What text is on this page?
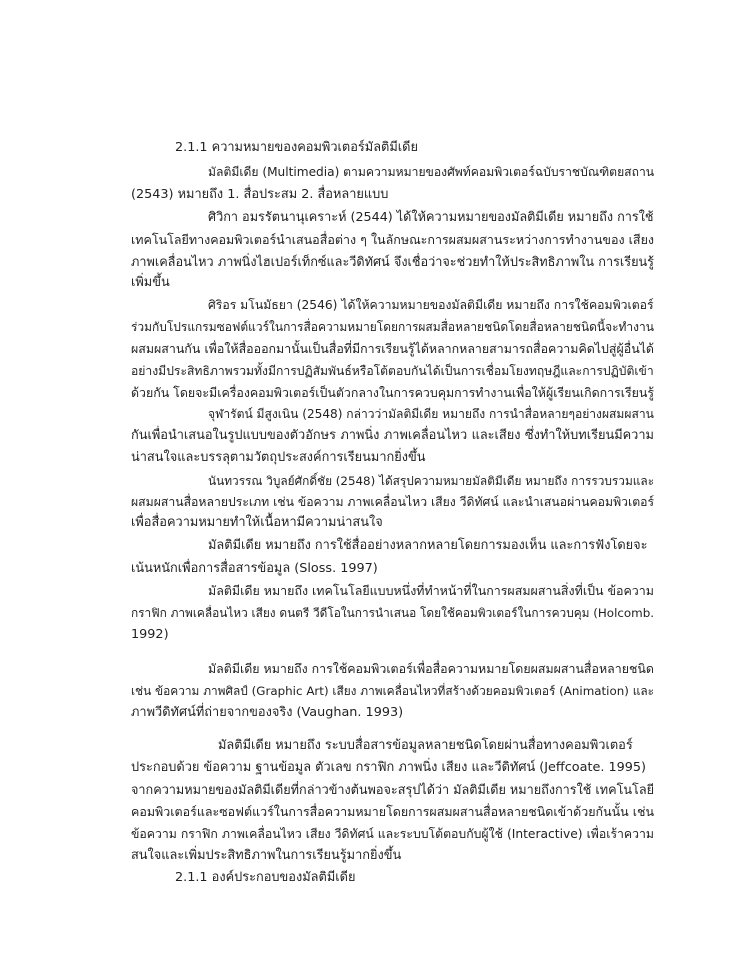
2.1.1 ความหมายของคอมพิวเตอร์มัลติมีเดีย
มัลติมีเดีย (Multimedia) ตามความหมายของศัพท์คอมพิวเตอร์ฉบับราชบัณฑิตยสถาน
(2543) หมายถึง 1. สื่อประสม 2. สื่อหลายแบบ
ศิวิกา อมรรัตนานุเคราะห์ (2544) ได้ให้ความหมายของมัลติมีเดีย หมายถึง การใช้
เทคโนโลยีทางคอมพิวเตอร์นำเสนอสื่อต่าง ๆ ในลักษณะการผสมผสานระหว่างการทำงานของ เสียง
ภาพเคลื่อนไหว ภาพนิ่งไฮเปอร์เท็กซ์และวีดิทัศน์ จึงเชื่อว่าจะช่วยทำให้ประสิทธิภาพใน การเรียนรู้
เพิ่มขึ้น
ศิริอร มโนมัธยา (2546) ได้ให้ความหมายของมัลติมีเดีย หมายถึง การใช้คอมพิวเตอร์
ร่วมกับโปรแกรมซอฟต์แวร์ในการสื่อความหมายโดยการผสมสื่อหลายชนิดโดยสื่อหลายชนิดนี้จะทำงาน
ผสมผสานกัน เพื่อให้สื่อออกมานั้นเป็นสื่อที่มีการเรียนรู้ได้หลากหลายสามารถสื่อความคิดไปสู่ผู้อื่นได้
อย่างมีประสิทธิภาพรวมทั้งมีการปฏิสัมพันธ์หรือโต้ตอบกันได้เป็นการเชื่อมโยงทฤษฎีและการปฏิบัติเข้า
ด้วยกัน โดยจะมีเครื่องคอมพิวเตอร์เป็นตัวกลางในการควบคุมการทำงานเพื่อให้ผู้เรียนเกิดการเรียนรู้
จุฬารัตน์ มีสูงเนิน (2548) กล่าวว่ามัลติมีเดีย หมายถึง การนำสื่อหลายๆอย่างผสมผสาน
กันเพื่อนำเสนอในรูปแบบของตัวอักษร ภาพนิ่ง ภาพเคลื่อนไหว และเสียง ซึ่งทำให้บทเรียนมีความ
น่าสนใจและบรรลุตามวัตถุประสงค์การเรียนมากยิ่งขึ้น
นันทวรรณ วิบูลย์ศักดิ์ชัย (2548) ได้สรุปความหมายมัลติมีเดีย หมายถึง การรวบรวมและ
ผสมผสานสื่อหลายประเภท เช่น ข้อความ ภาพเคลื่อนไหว เสียง วีดิทัศน์ และนำเสนอผ่านคอมพิวเตอร์
เพื่อสื่อความหมายทำให้เนื้อหามีความน่าสนใจ
มัลติมีเดีย หมายถึง การใช้สื่ออย่างหลากหลายโดยการมองเห็น และการฟังโดยจะ
เน้นหนักเพื่อการสื่อสารข้อมูล (Sloss. 1997)
มัลติมีเดีย หมายถึง เทคโนโลยีแบบหนึ่งที่ทำหน้าที่ในการผสมผสานสิ่งที่เป็น ข้อความ
กราฟิก ภาพเคลื่อนไหว เสียง ดนตรี วีดีโอในการนำเสนอ โดยใช้คอมพิวเตอร์ในการควบคุม (Holcomb.
1992)
มัลติมีเดีย หมายถึง การใช้คอมพิวเตอร์เพื่อสื่อความหมายโดยผสมผสานสื่อหลายชนิด
เช่น ข้อความ ภาพศิลป์ (Graphic Art) เสียง ภาพเคลื่อนไหวที่สร้างด้วยคอมพิวเตอร์ (Animation) และ
ภาพวีดิทัศน์ที่ถ่ายจากของจริง (Vaughan. 1993)
มัลติมีเดีย หมายถึง ระบบสื่อสารข้อมูลหลายชนิดโดยผ่านสื่อทางคอมพิวเตอร์
ประกอบด้วย ข้อความ ฐานข้อมูล ตัวเลข กราฟิก ภาพนิ่ง เสียง และวีดิทัศน์ (Jeffcoate. 1995)
จากความหมายของมัลติมีเดียที่กล่าวข้างต้นพอจะสรุปได้ว่า มัลติมีเดีย หมายถึงการใช้ เทคโนโลยี
คอมพิวเตอร์และซอฟต์แวร์ในการสื่อความหมายโดยการผสมผสานสื่อหลายชนิดเข้าด้วยกันนั้น เช่น
ข้อความ กราฟิก ภาพเคลื่อนไหว เสียง วีดิทัศน์ และระบบโต้ตอบกับผู้ใช้ (Interactive) เพื่อเร้าความ
สนใจและเพิ่มประสิทธิภาพในการเรียนรู้มากยิ่งขึ้น
2.1.1 องค์ประกอบของมัลติมีเดีย
